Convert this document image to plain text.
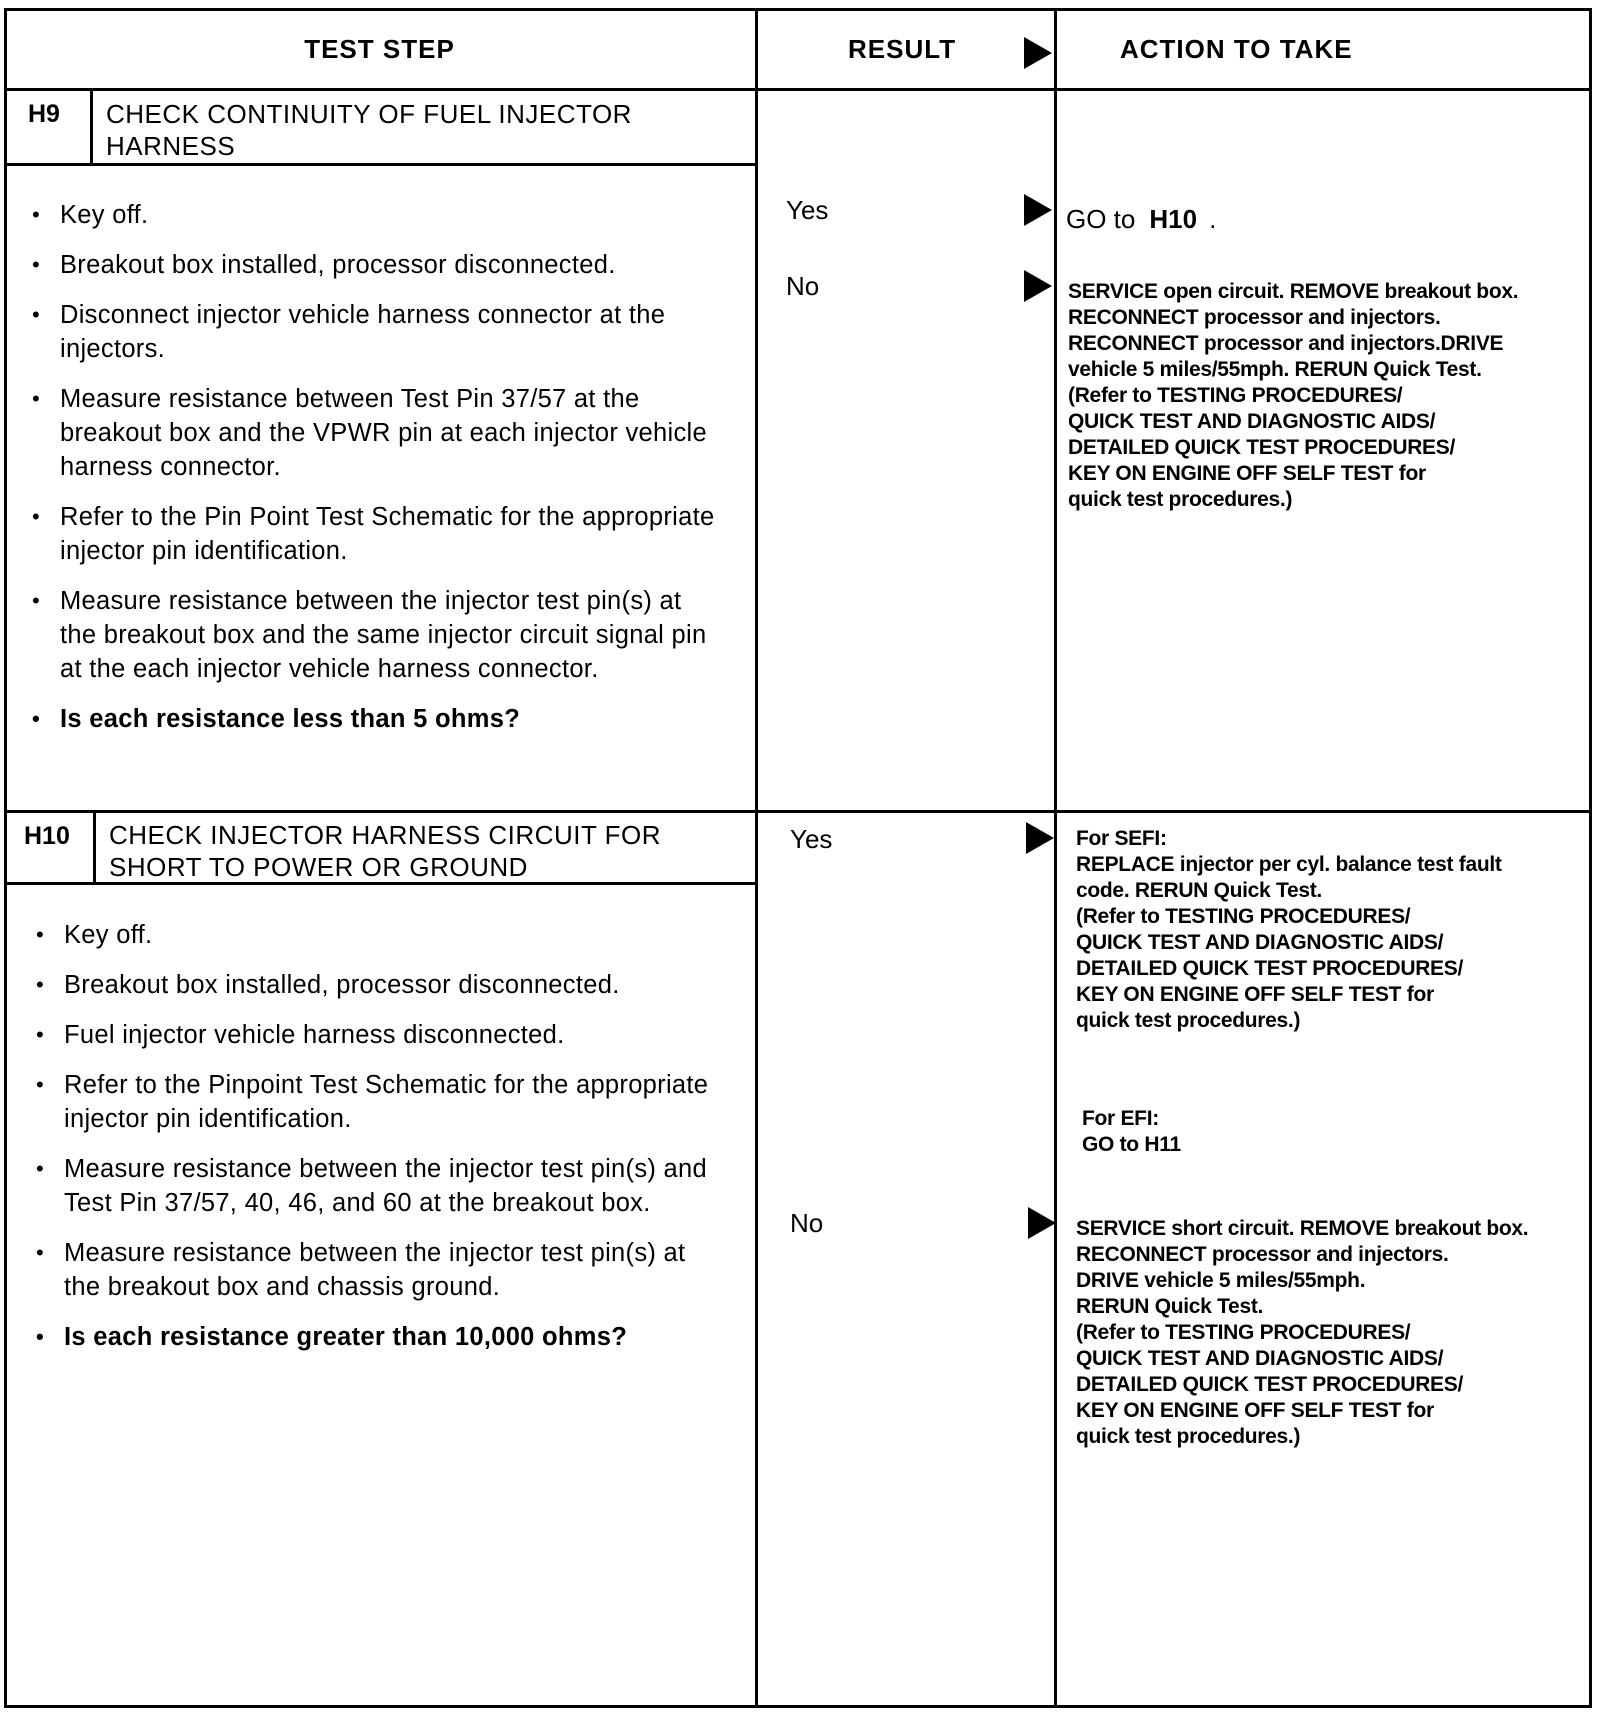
TEST STEP	RESULT	ACTION TO TAKE
H9 CHECK CONTINUITY OF FUEL INJECTOR
HARNESS
• Key off.
• Breakout box installed, processor disconnected.
• Disconnect injector vehicle harness connector at the injectors.
• Measure resistance between Test Pin 37/57 at the breakout box and the VPWR pin at each injector vehicle harness connector.
• Refer to the Pin Point Test Schematic for the appropriate injector pin identification.
• Measure resistance between the injector test pin(s) at the breakout box and the same injector circuit signal pin at the each injector vehicle harness connector.
• Is each resistance less than 5 ohms?
Yes	GO to H10 .
No	SERVICE open circuit. REMOVE breakout box.
RECONNECT processor and injectors.
RECONNECT processor and injectors.DRIVE
vehicle 5 miles/55mph. RERUN Quick Test.
(Refer to TESTING PROCEDURES/
QUICK TEST AND DIAGNOSTIC AIDS/
DETAILED QUICK TEST PROCEDURES/
KEY ON ENGINE OFF SELF TEST for
quick test procedures.)
H10 CHECK INJECTOR HARNESS CIRCUIT FOR
SHORT TO POWER OR GROUND
• Key off.
• Breakout box installed, processor disconnected.
• Fuel injector vehicle harness disconnected.
• Refer to the Pinpoint Test Schematic for the appropriate injector pin identification.
• Measure resistance between the injector test pin(s) and Test Pin 37/57, 40, 46, and 60 at the breakout box.
• Measure resistance between the injector test pin(s) at the breakout box and chassis ground.
• Is each resistance greater than 10,000 ohms?
Yes	For SEFI:
REPLACE injector per cyl. balance test fault
code. RERUN Quick Test.
(Refer to TESTING PROCEDURES/
QUICK TEST AND DIAGNOSTIC AIDS/
DETAILED QUICK TEST PROCEDURES/
KEY ON ENGINE OFF SELF TEST for
quick test procedures.)
For EFI:
GO to H11
No	SERVICE short circuit. REMOVE breakout box.
RECONNECT processor and injectors.
DRIVE vehicle 5 miles/55mph.
RERUN Quick Test.
(Refer to TESTING PROCEDURES/
QUICK TEST AND DIAGNOSTIC AIDS/
DETAILED QUICK TEST PROCEDURES/
KEY ON ENGINE OFF SELF TEST for
quick test procedures.)
